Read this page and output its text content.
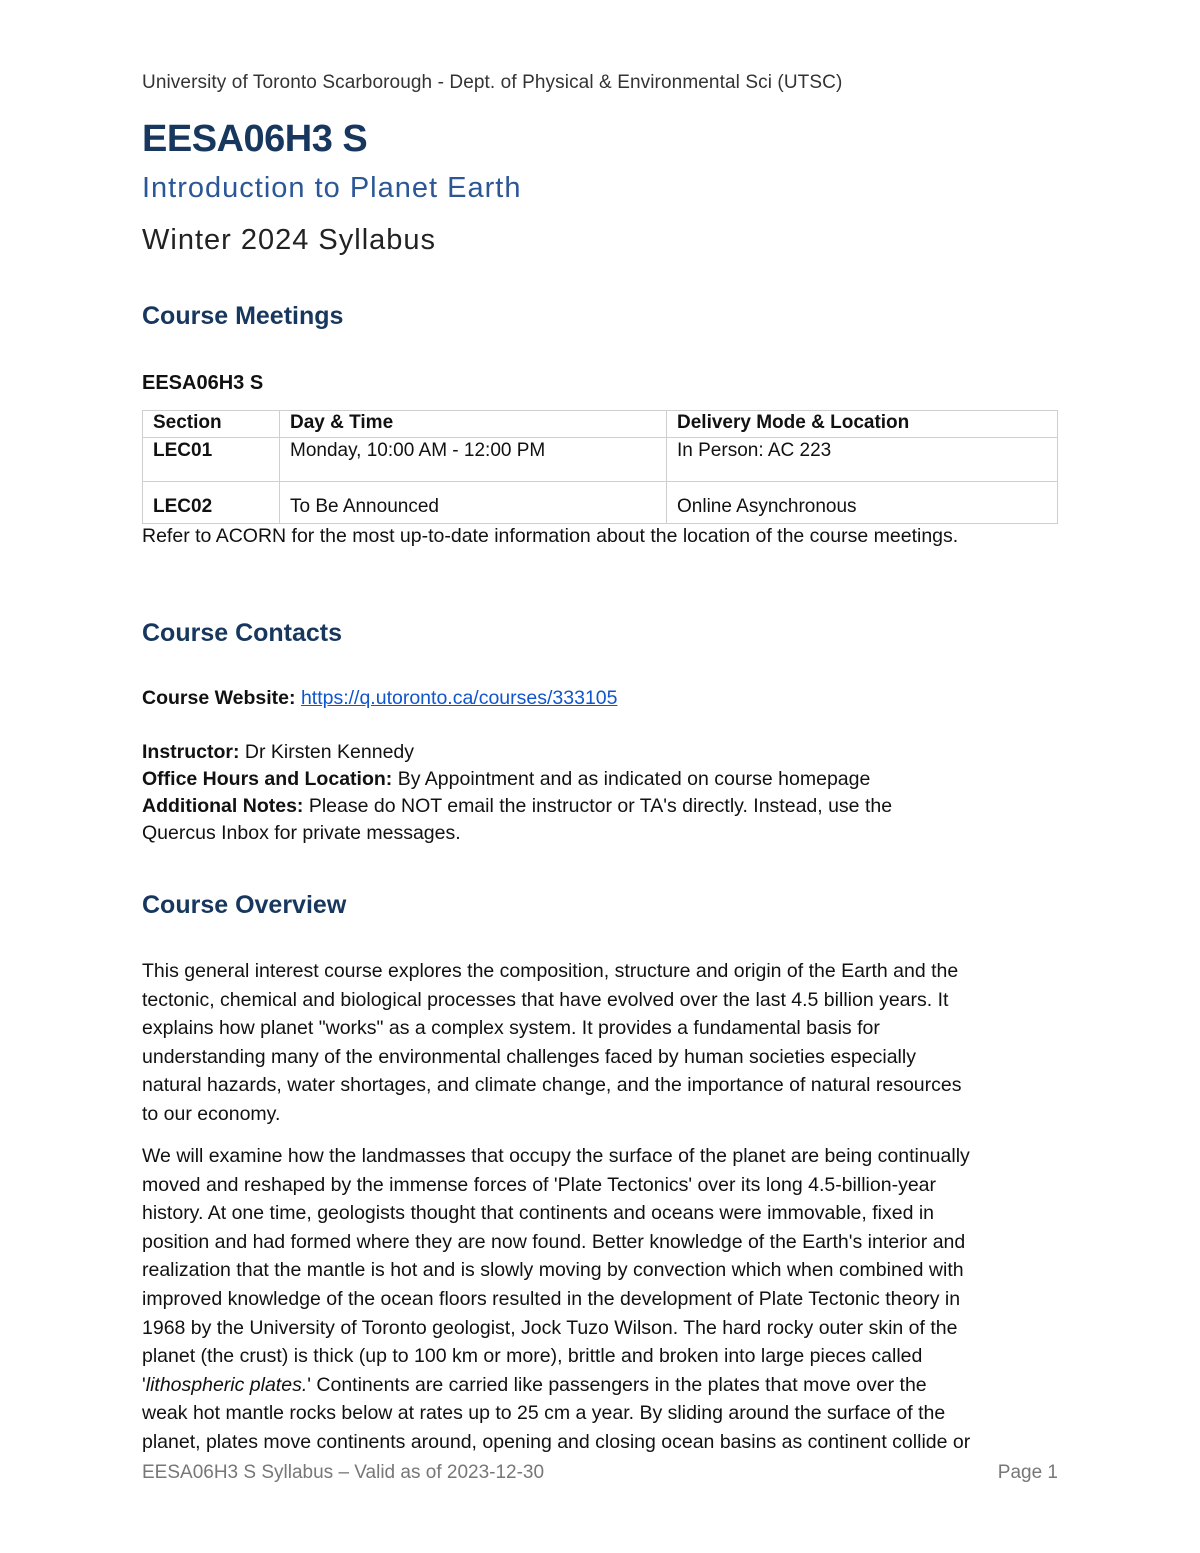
University of Toronto Scarborough - Dept. of Physical & Environmental Sci (UTSC)
EESA06H3 S
Introduction to Planet Earth
Winter 2024 Syllabus
Course Meetings
EESA06H3 S
Section	Day & Time	Delivery Mode & Location
LEC01	Monday, 10:00 AM - 12:00 PM	In Person: AC 223
LEC02	To Be Announced	Online Asynchronous
Refer to ACORN for the most up-to-date information about the location of the course meetings.
Course Contacts
Course Website: https://q.utoronto.ca/courses/333105
Instructor: Dr Kirsten Kennedy
Office Hours and Location: By Appointment and as indicated on course homepage
Additional Notes: Please do NOT email the instructor or TA's directly. Instead, use the
Quercus Inbox for private messages.
Course Overview
This general interest course explores the composition, structure and origin of the Earth and the
tectonic, chemical and biological processes that have evolved over the last 4.5 billion years. It
explains how planet "works" as a complex system. It provides a fundamental basis for
understanding many of the environmental challenges faced by human societies especially
natural hazards, water shortages, and climate change, and the importance of natural resources
to our economy.
We will examine how the landmasses that occupy the surface of the planet are being continually
moved and reshaped by the immense forces of 'Plate Tectonics' over its long 4.5-billion-year
history. At one time, geologists thought that continents and oceans were immovable, fixed in
position and had formed where they are now found. Better knowledge of the Earth's interior and
realization that the mantle is hot and is slowly moving by convection which when combined with
improved knowledge of the ocean floors resulted in the development of Plate Tectonic theory in
1968 by the University of Toronto geologist, Jock Tuzo Wilson. The hard rocky outer skin of the
planet (the crust) is thick (up to 100 km or more), brittle and broken into large pieces called
'lithospheric plates.' Continents are carried like passengers in the plates that move over the
weak hot mantle rocks below at rates up to 25 cm a year. By sliding around the surface of the
planet, plates move continents around, opening and closing ocean basins as continent collide or
EESA06H3 S Syllabus – Valid as of 2023-12-30	Page 1
